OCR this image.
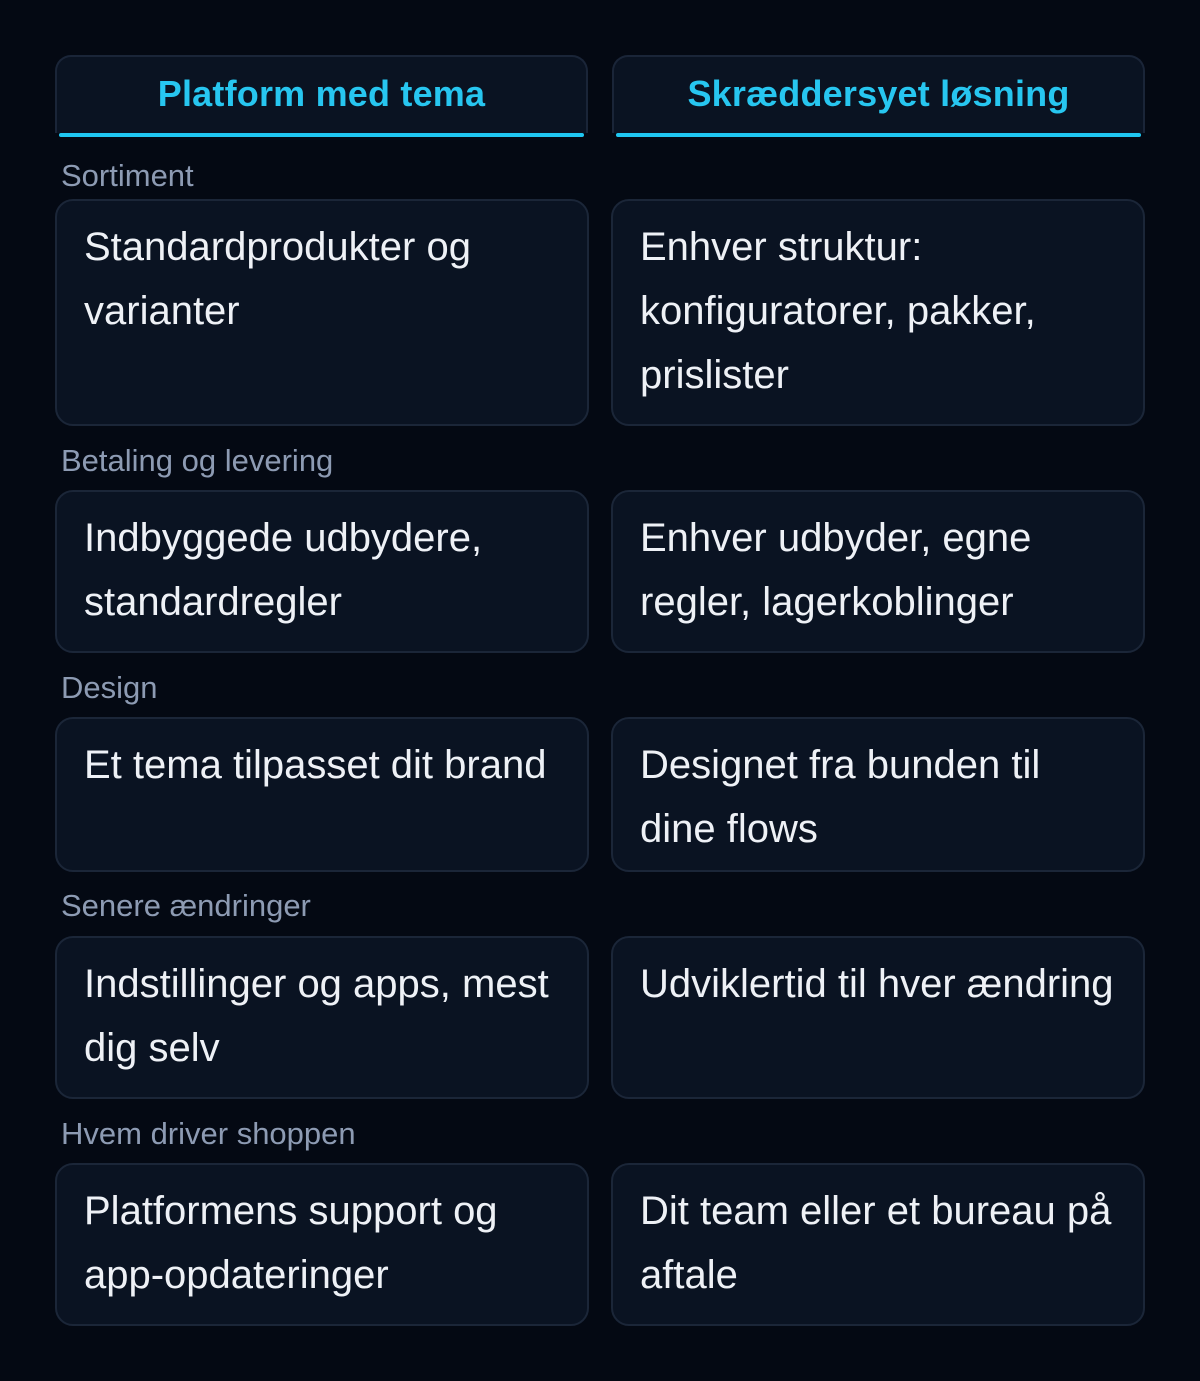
Platform med tema	Skræddersyet løsning
Sortiment
Standardprodukter og varianter
Enhver struktur: konfiguratorer, pakker, prislister
Betaling og levering
Indbyggede udbydere, standardregler
Enhver udbyder, egne regler, lagerkoblinger
Design
Et tema tilpasset dit brand	Designet fra bunden til dine flows
Senere ændringer
Indstillinger og apps, mest dig selv
Udviklertid til hver ændring
Hvem driver shoppen
Platformens support og app-opdateringer
Dit team eller et bureau på aftale
